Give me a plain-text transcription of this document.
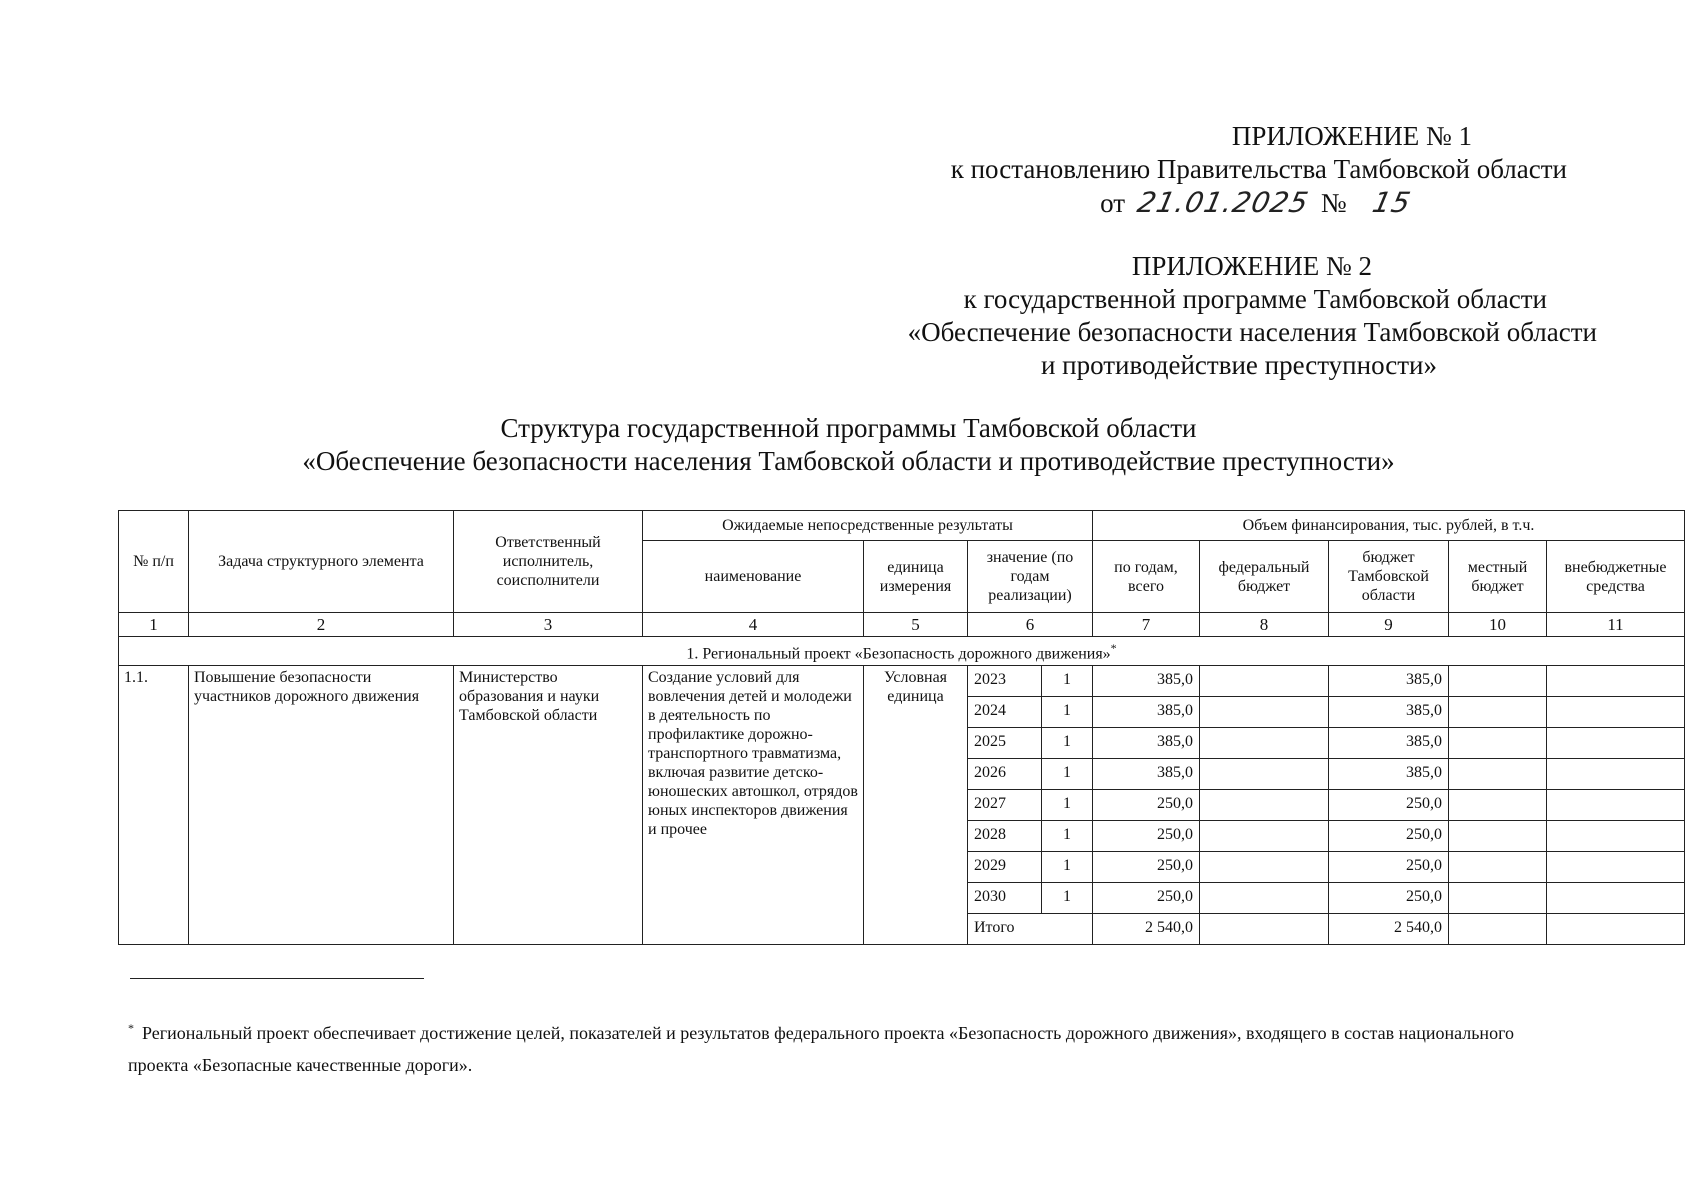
ПРИЛОЖЕНИЕ № 1
к постановлению Правительства Тамбовской области
от 21.01.2025 № 15
ПРИЛОЖЕНИЕ № 2
к государственной программе Тамбовской области
«Обеспечение безопасности населения Тамбовской области
и противодействие преступности»
Структура государственной программы Тамбовской области
«Обеспечение безопасности населения Тамбовской области и противодействие преступности»
№ п/п	Задача структурного элемента	Ответственный исполнитель, соисполнители	Ожидаемые непосредственные результаты				Объем финансирования, тыс. рублей, в т.ч.				
			наименование	единица измерения	значение (по годам реализации)		по годам, всего	федеральный бюджет	бюджет Тамбовской области	местный бюджет	внебюджетные средства
1	2	3	4	5	6		7	8	9	10	11
1. Региональный проект «Безопасность дорожного движения»*
1.1.	Повышение безопасности участников дорожного движения	Министерство образования и науки Тамбовской области	Создание условий для вовлечения детей и молодежи в деятельность по профилактике дорожно-транспортного травматизма, включая развитие детско-юношеских автошкол, отрядов юных инспекторов движения и прочее	Условная единица	2023	1	385,0		385,0		
					2024	1	385,0		385,0		
					2025	1	385,0		385,0		
					2026	1	385,0		385,0		
					2027	1	250,0		250,0		
					2028	1	250,0		250,0		
					2029	1	250,0		250,0		
					2030	1	250,0		250,0		
					Итого		2 540,0		2 540,0		
* Региональный проект обеспечивает достижение целей, показателей и результатов федерального проекта «Безопасность дорожного движения», входящего в состав национального проекта «Безопасные качественные дороги».
